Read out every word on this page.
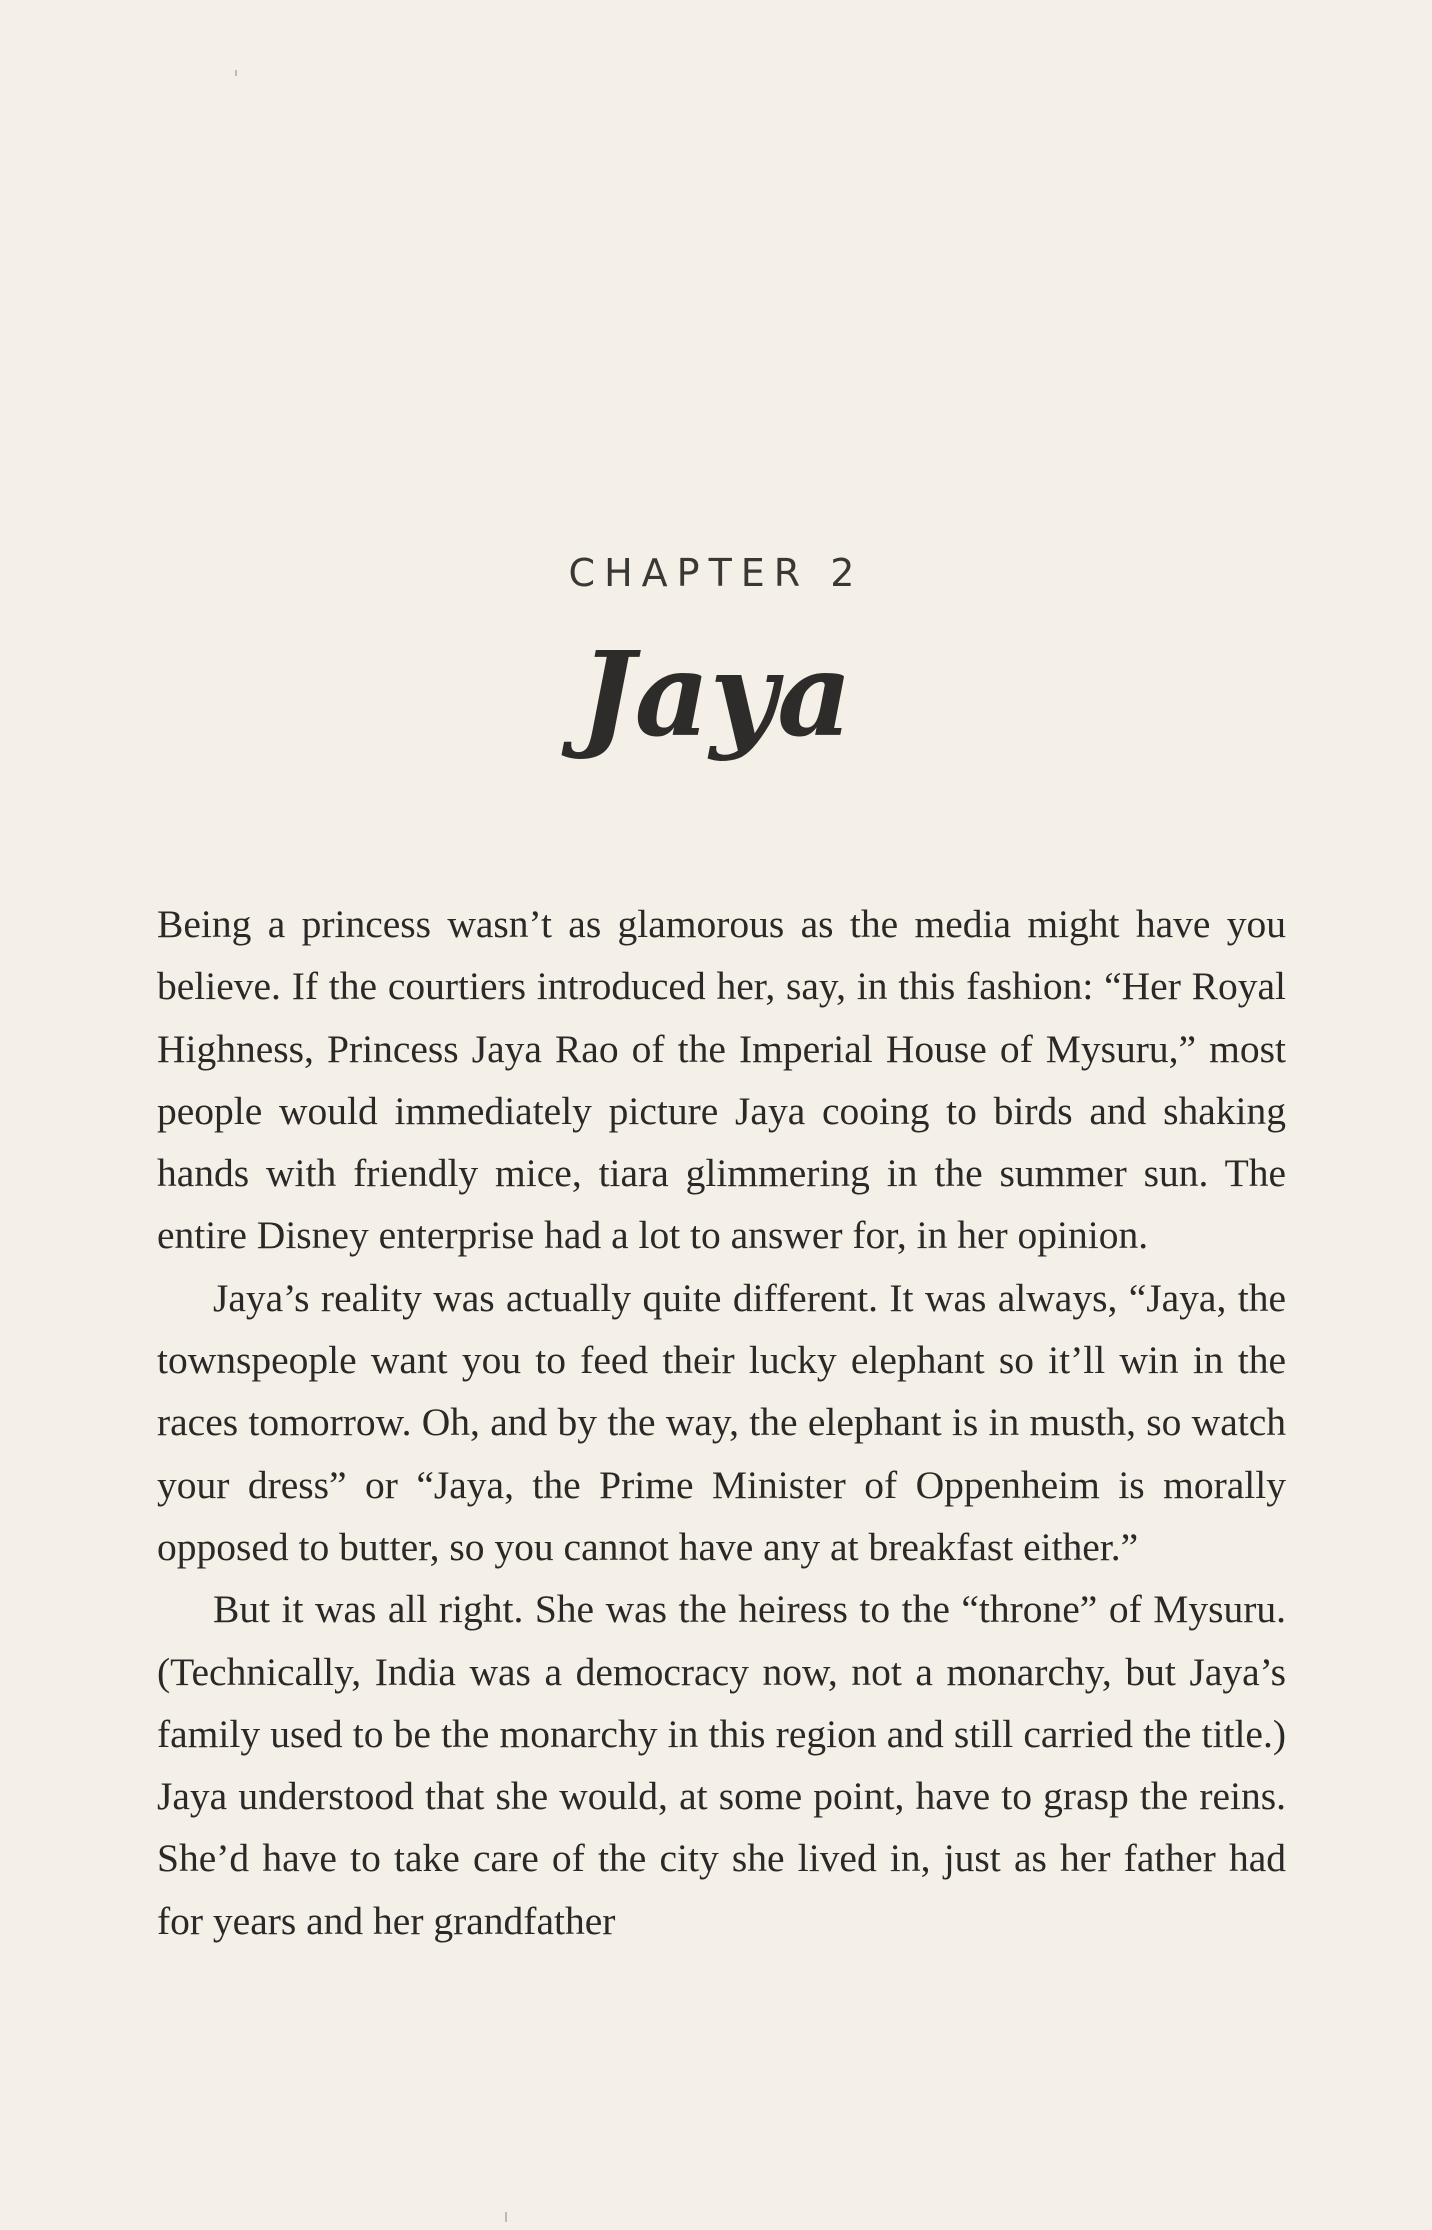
CHAPTER 2
Jaya

Being a princess wasn’t as glamorous as the media might have you believe. If the courtiers introduced her, say, in this fashion: “Her Royal Highness, Princess Jaya Rao of the Imperial House of Mysuru,” most people would immediately picture Jaya cooing to birds and shaking hands with friendly mice, tiara glimmering in the summer sun. The entire Disney enterprise had a lot to answer for, in her opinion.

Jaya’s reality was actually quite different. It was always, “Jaya, the townspeople want you to feed their lucky elephant so it’ll win in the races tomorrow. Oh, and by the way, the elephant is in musth, so watch your dress” or “Jaya, the Prime Minister of Oppenheim is morally opposed to butter, so you cannot have any at breakfast either.”

But it was all right. She was the heiress to the “throne” of Mysuru. (Technically, India was a democracy now, not a monarchy, but Jaya’s family used to be the monarchy in this region and still carried the title.) Jaya understood that she would, at some point, have to grasp the reins. She’d have to take care of the city she lived in, just as her father had for years and her grandfather
